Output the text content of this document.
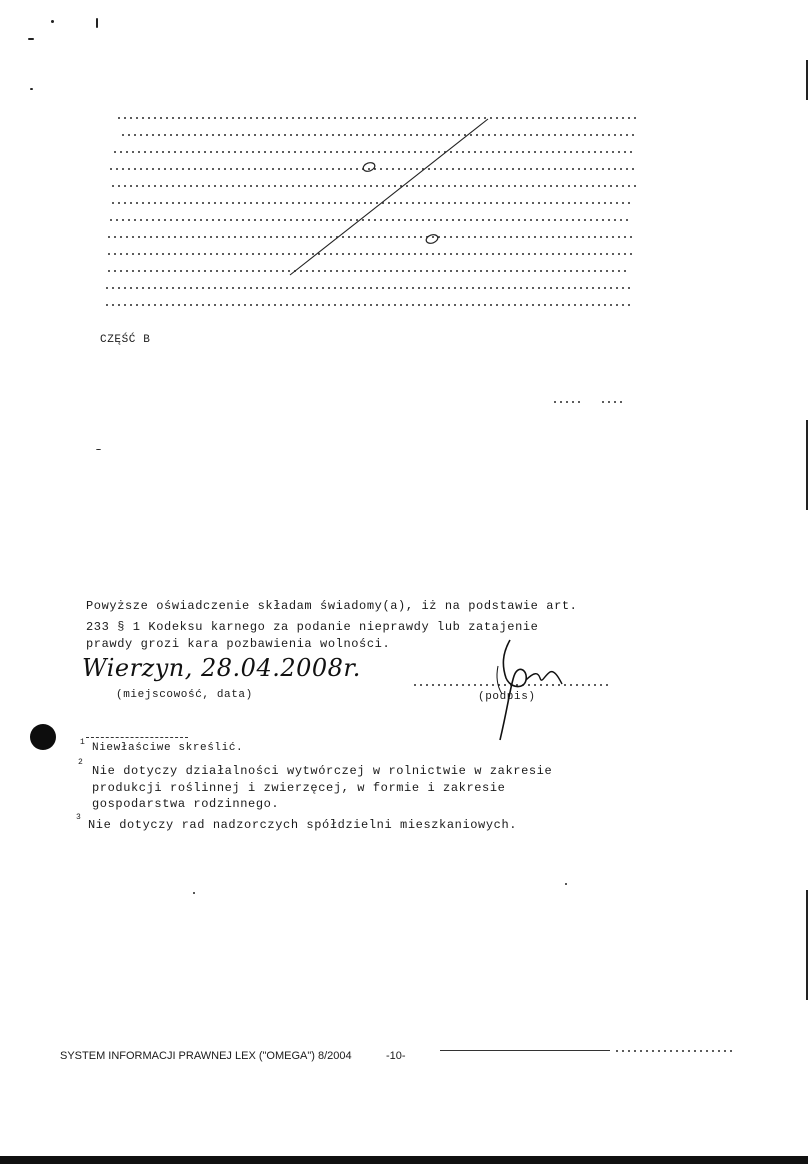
CZĘŚĆ B
Powyższe oświadczenie składam świadomy(a), iż na podstawie art.
233 § 1 Kodeksu karnego za podanie nieprawdy lub zatajenie
prawdy grozi kara pozbawienia wolności.
Wierzyn, 28.04.2008r.
(miejscowość, data)	(podpis)
1 Niewłaściwe skreślić.
2
Nie dotyczy działalności wytwórczej w rolnictwie w zakresie
produkcji roślinnej i zwierzęcej, w formie i zakresie
gospodarstwa rodzinnego.
3
Nie dotyczy rad nadzorczych spółdzielni mieszkaniowych.
SYSTEM INFORMACJI PRAWNEJ LEX ("OMEGA") 8/2004	-10-
